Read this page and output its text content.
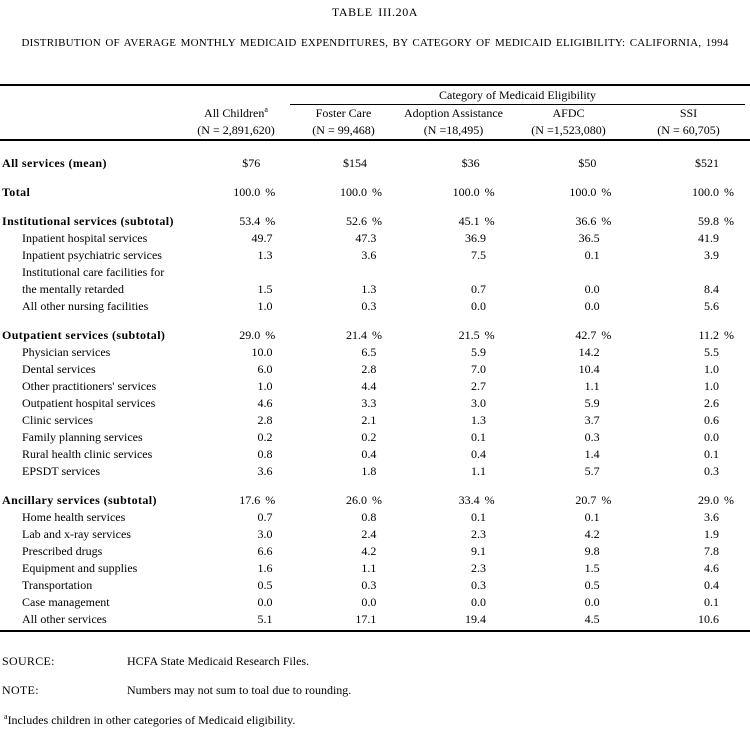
TABLE III.20A
DISTRIBUTION OF AVERAGE MONTHLY MEDICAID EXPENDITURES, BY CATEGORY OF MEDICAID ELIGIBILITY: CALIFORNIA, 1994
Category of Medicaid Eligibility
All Children$^a$	Foster Care	Adoption Assistance	AFDC	SSI
(N = 2,891,620)	(N = 99,468)	(N =18,495)	(N =1,523,080)	(N = 60,705)
All services (mean)	$76	$154	$36	$50	$521
Total	100.0 %	100.0 %	100.0 %	100.0 %	100.0 %
Institutional services (subtotal)	53.4 %	52.6 %	45.1 %	36.6 %	59.8 %
Inpatient hospital services	49.7	47.3	36.9	36.5	41.9
Inpatient psychiatric services	1.3	3.6	7.5	0.1	3.9
Institutional care facilities for
the mentally retarded	1.5	1.3	0.7	0.0	8.4
All other nursing facilities	1.0	0.3	0.0	0.0	5.6
Outpatient services (subtotal)	29.0 %	21.4 %	21.5 %	42.7 %	11.2 %
Physician services	10.0	6.5	5.9	14.2	5.5
Dental services	6.0	2.8	7.0	10.4	1.0
Other practitioners' services	1.0	4.4	2.7	1.1	1.0
Outpatient hospital services	4.6	3.3	3.0	5.9	2.6
Clinic services	2.8	2.1	1.3	3.7	0.6
Family planning services	0.2	0.2	0.1	0.3	0.0
Rural health clinic services	0.8	0.4	0.4	1.4	0.1
EPSDT services	3.6	1.8	1.1	5.7	0.3
Ancillary services (subtotal)	17.6 %	26.0 %	33.4 %	20.7 %	29.0 %
Home health services	0.7	0.8	0.1	0.1	3.6
Lab and x-ray services	3.0	2.4	2.3	4.2	1.9
Prescribed drugs	6.6	4.2	9.1	9.8	7.8
Equipment and supplies	1.6	1.1	2.3	1.5	4.6
Transportation	0.5	0.3	0.3	0.5	0.4
Case management	0.0	0.0	0.0	0.0	0.1
All other services	5.1	17.1	19.4	4.5	10.6
SOURCE:	HCFA State Medicaid Research Files.
NOTE:	Numbers may not sum to toal due to rounding.
$^a$Includes children in other categories of Medicaid eligibility.
